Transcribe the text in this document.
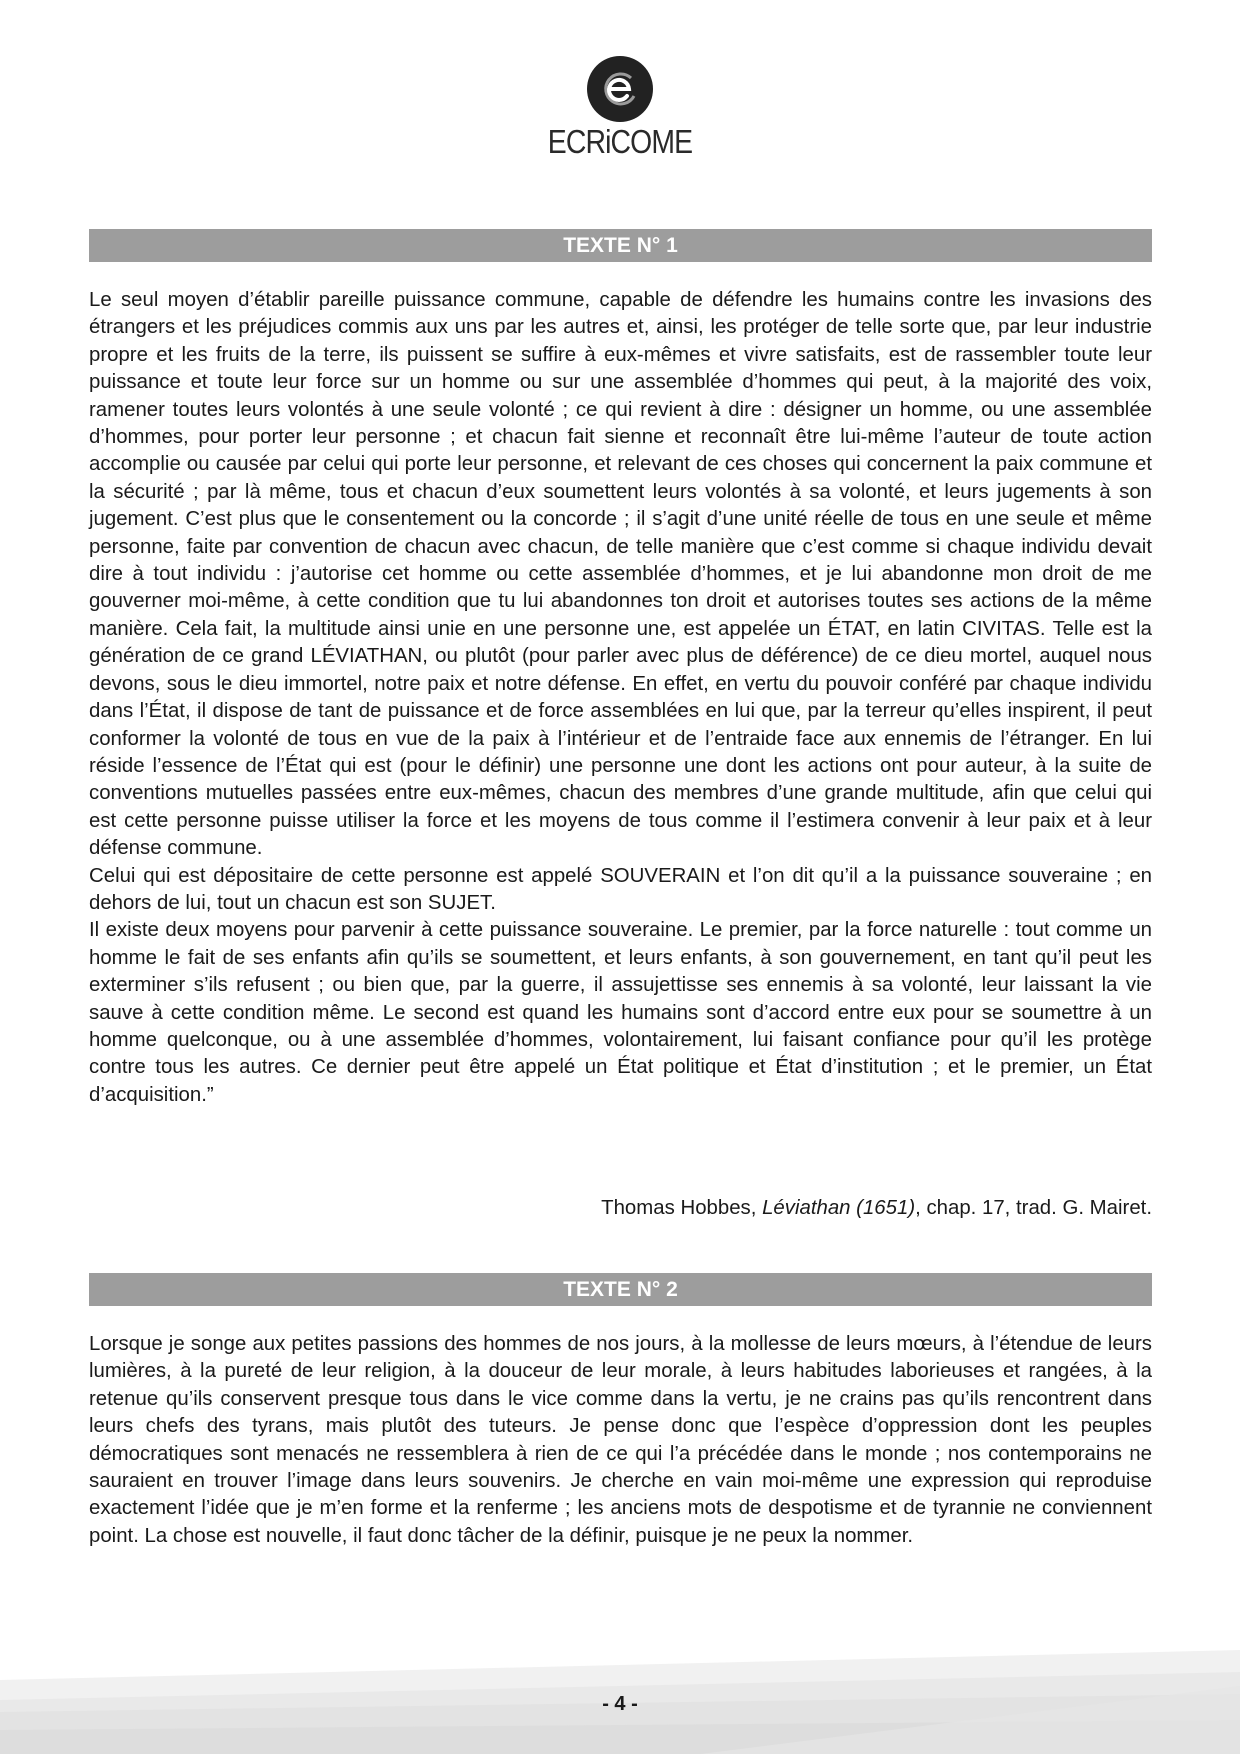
ECRiCOME
TEXTE N° 1

Le seul moyen d’établir pareille puissance commune, capable de défendre les humains contre les invasions des étrangers et les préjudices commis aux uns par les autres et, ainsi, les protéger de telle sorte que, par leur industrie propre et les fruits de la terre, ils puissent se suffire à eux-mêmes et vivre satisfaits, est de rassembler toute leur puissance et toute leur force sur un homme ou sur une assemblée d’hommes qui peut, à la majorité des voix, ramener toutes leurs volontés à une seule volonté ; ce qui revient à dire : désigner un homme, ou une assemblée d’hommes, pour porter leur personne ; et chacun fait sienne et reconnaît être lui-même l’auteur de toute action accomplie ou causée par celui qui porte leur personne, et relevant de ces choses qui concernent la paix commune et la sécurité ; par là même, tous et chacun d’eux soumettent leurs volontés à sa volonté, et leurs jugements à son jugement. C’est plus que le consentement ou la concorde ; il s’agit d’une unité réelle de tous en une seule et même personne, faite par convention de chacun avec chacun, de telle manière que c’est comme si chaque individu devait dire à tout individu : j’autorise cet homme ou cette assemblée d’hommes, et je lui abandonne mon droit de me gouverner moi-même, à cette condition que tu lui abandonnes ton droit et autorises toutes ses actions de la même manière. Cela fait, la multitude ainsi unie en une personne une, est appelée un ÉTAT, en latin CIVITAS. Telle est la génération de ce grand LÉVIATHAN, ou plutôt (pour parler avec plus de déférence) de ce dieu mortel, auquel nous devons, sous le dieu immortel, notre paix et notre défense. En effet, en vertu du pouvoir conféré par chaque individu dans l’État, il dispose de tant de puissance et de force assemblées en lui que, par la terreur qu’elles inspirent, il peut conformer la volonté de tous en vue de la paix à l’intérieur et de l’entraide face aux ennemis de l’étranger. En lui réside l’essence de l’État qui est (pour le définir) une personne une dont les actions ont pour auteur, à la suite de conventions mutuelles passées entre eux-mêmes, chacun des membres d’une grande multitude, afin que celui qui est cette personne puisse utiliser la force et les moyens de tous comme il l’estimera convenir à leur paix et à leur défense commune.

Celui qui est dépositaire de cette personne est appelé SOUVERAIN et l’on dit qu’il a la puissance souveraine ; en dehors de lui, tout un chacun est son SUJET.

Il existe deux moyens pour parvenir à cette puissance souveraine. Le premier, par la force naturelle : tout comme un homme le fait de ses enfants afin qu’ils se soumettent, et leurs enfants, à son gouvernement, en tant qu’il peut les exterminer s’ils refusent ; ou bien que, par la guerre, il assujettisse ses ennemis à sa volonté, leur laissant la vie sauve à cette condition même. Le second est quand les humains sont d’accord entre eux pour se soumettre à un homme quelconque, ou à une assemblée d’hommes, volontairement, lui faisant confiance pour qu’il les protège contre tous les autres. Ce dernier peut être appelé un État politique et État d’institution ; et le premier, un État d’acquisition.”

Thomas Hobbes, Léviathan (1651), chap. 17, trad. G. Mairet.
TEXTE N° 2

Lorsque je songe aux petites passions des hommes de nos jours, à la mollesse de leurs mœurs, à l’étendue de leurs lumières, à la pureté de leur religion, à la douceur de leur morale, à leurs habitudes laborieuses et rangées, à la retenue qu’ils conservent presque tous dans le vice comme dans la vertu, je ne crains pas qu’ils rencontrent dans leurs chefs des tyrans, mais plutôt des tuteurs. Je pense donc que l’espèce d’oppression dont les peuples démocratiques sont menacés ne ressemblera à rien de ce qui l’a précédée dans le monde ; nos contemporains ne sauraient en trouver l’image dans leurs souvenirs. Je cherche en vain moi-même une expression qui reproduise exactement l’idée que je m’en forme et la renferme ; les anciens mots de despotisme et de tyrannie ne conviennent point. La chose est nouvelle, il faut donc tâcher de la définir, puisque je ne peux la nommer.

- 4 -
